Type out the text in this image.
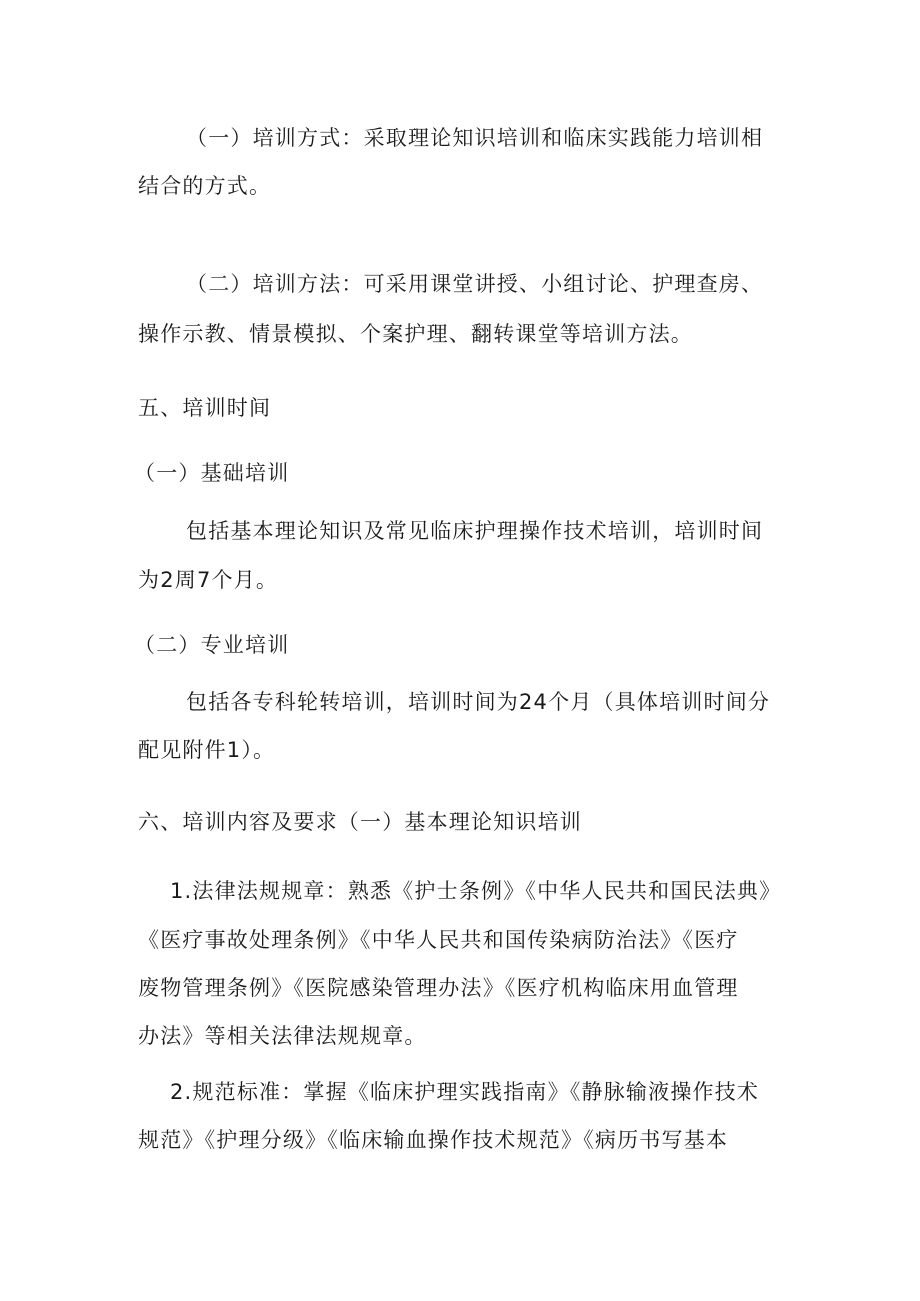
（一）培训方式：采取理论知识培训和临床实践能力培训相
结合的方式。
（二）培训方法：可采用课堂讲授、小组讨论、护理查房、
操作示教、情景模拟、个案护理、翻转课堂等培训方法。
五、培训时间
（一）基础培训
包括基本理论知识及常见临床护理操作技术培训，培训时间
为2周7个月。
（二）专业培训
包括各专科轮转培训，培训时间为24个月（具体培训时间分
配见附件1）。
六、培训内容及要求（一）基本理论知识培训
1.法律法规规章：熟悉《护士条例》《中华人民共和国民法典》
《医疗事故处理条例》《中华人民共和国传染病防治法》《医疗
废物管理条例》《医院感染管理办法》《医疗机构临床用血管理
办法》等相关法律法规规章。
2.规范标准：掌握《临床护理实践指南》《静脉输液操作技术
规范》《护理分级》《临床输血操作技术规范》《病历书写基本
